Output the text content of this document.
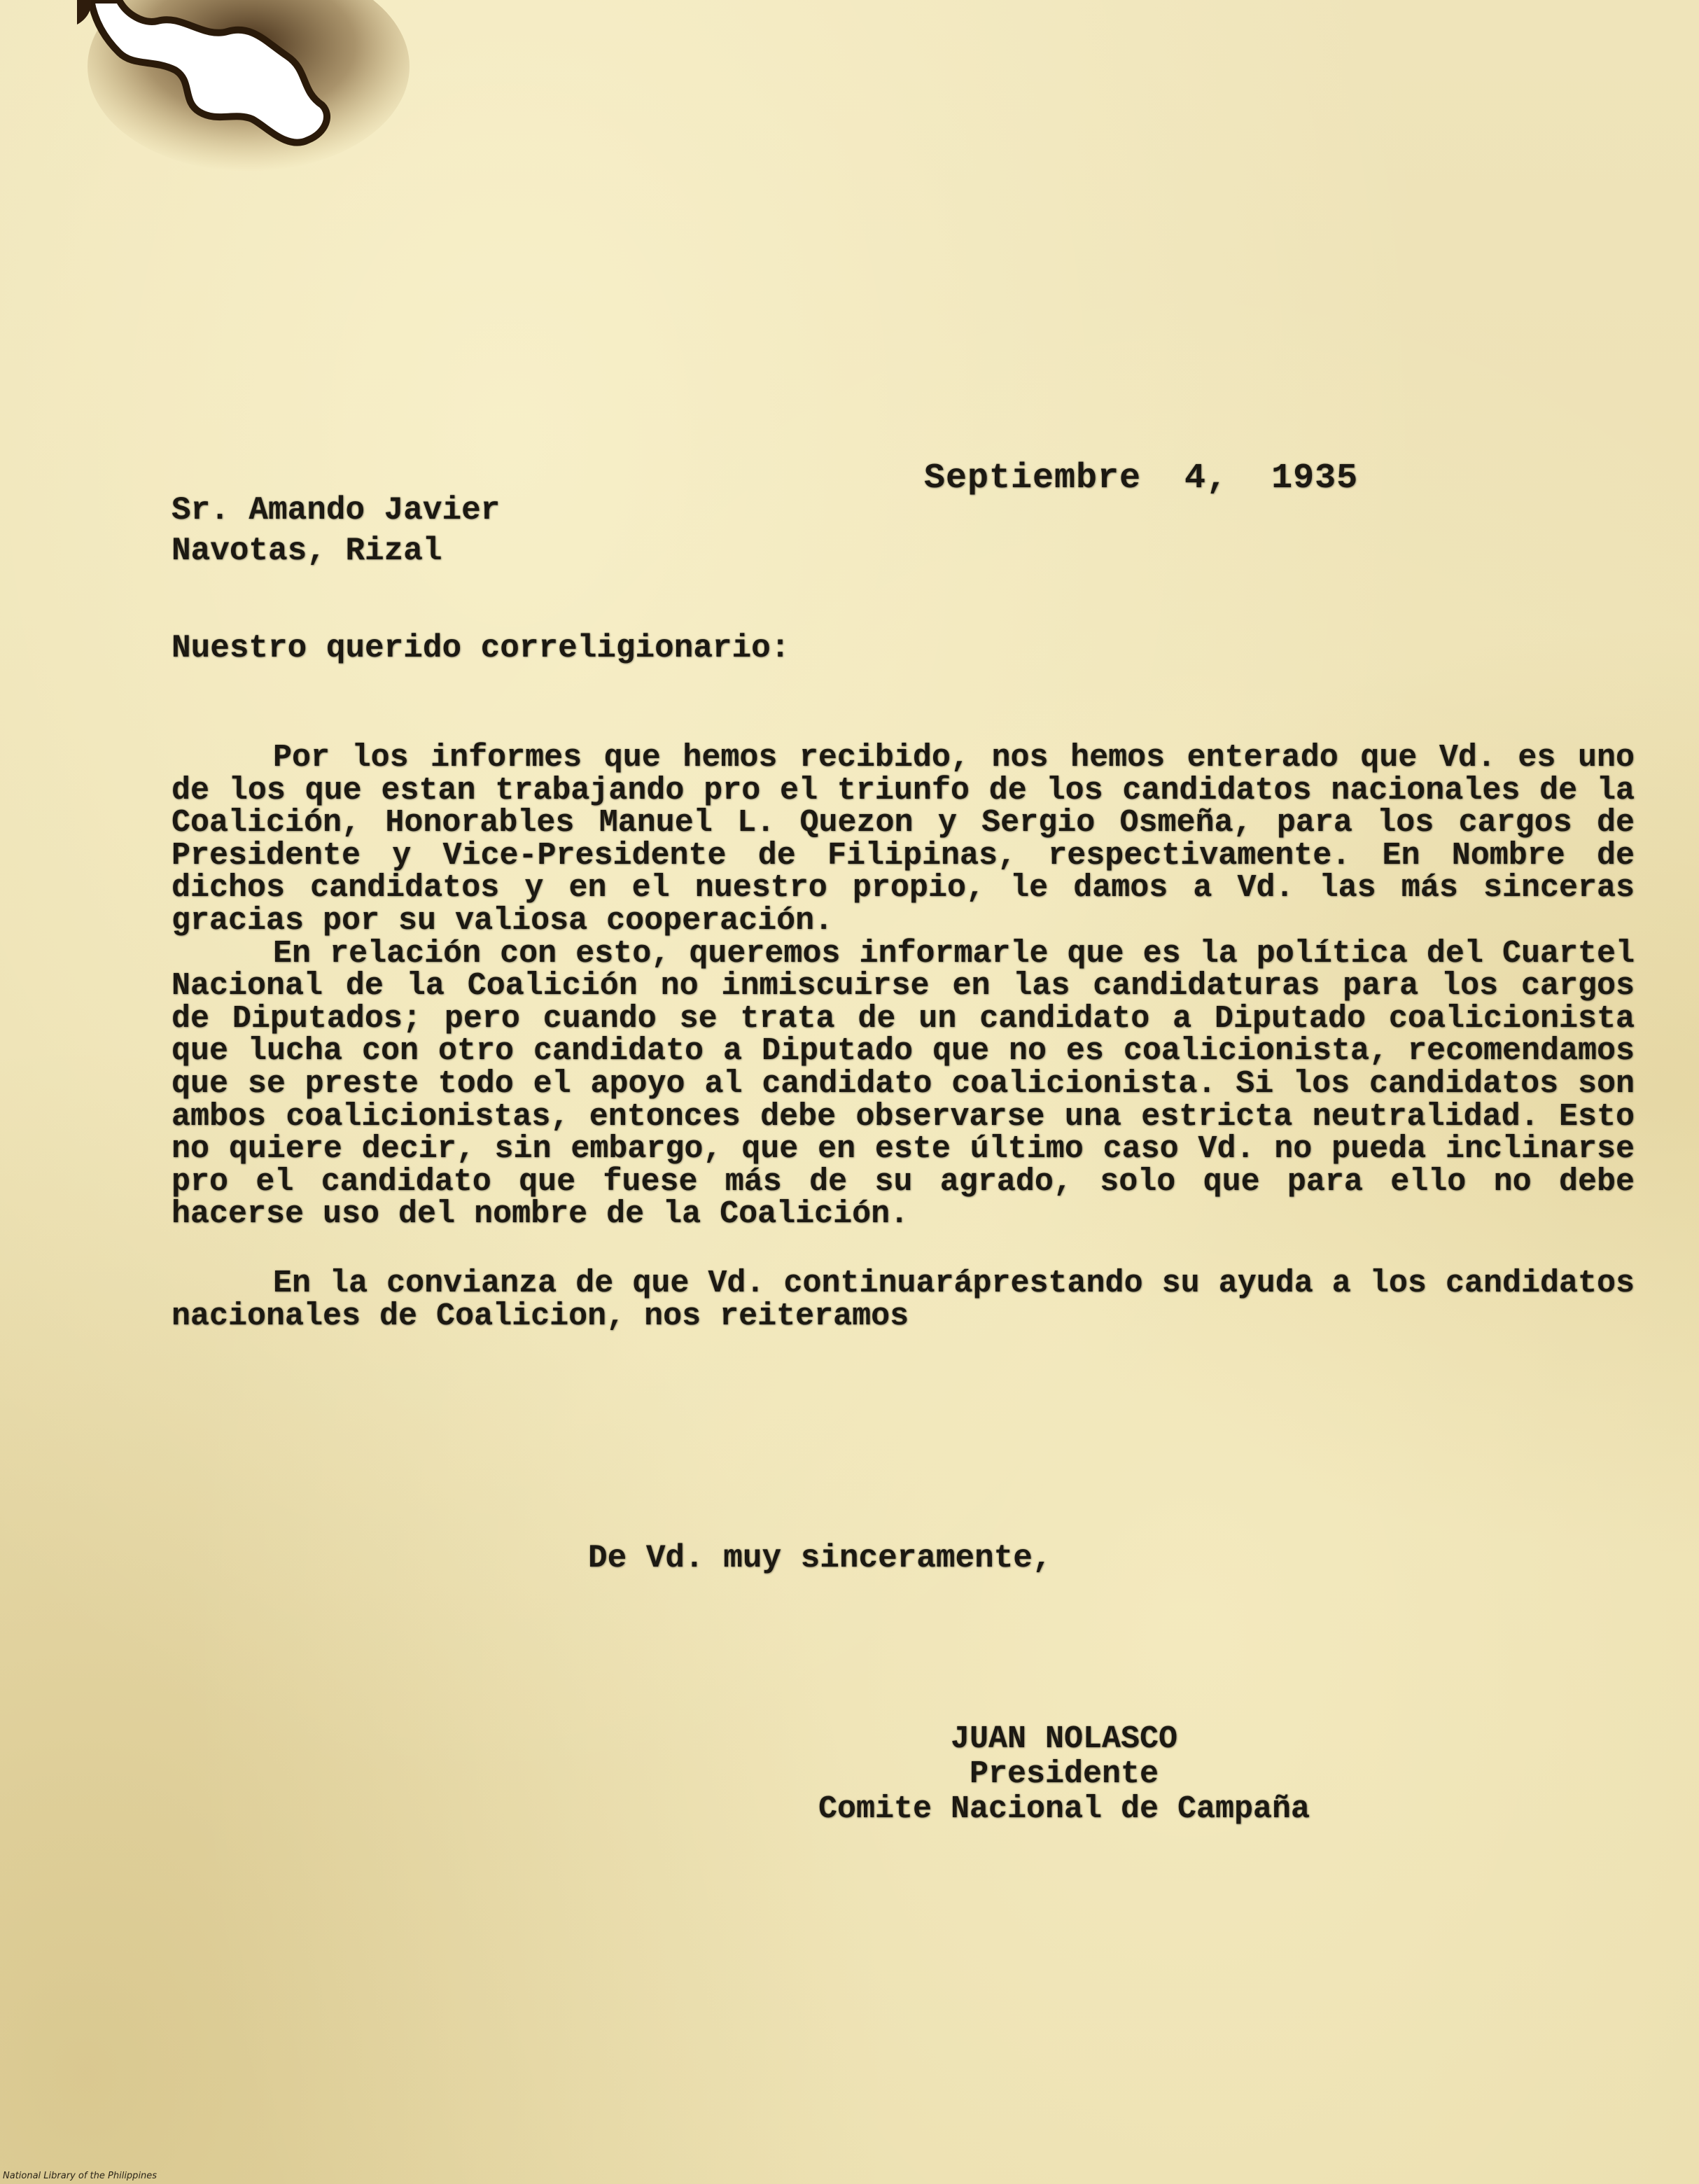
Septiembre  4,  1935
Sr. Amando Javier
Navotas, Rizal
Nuestro querido correligionario:

Por los informes que hemos recibido, nos hemos enterado que Vd. es uno de los que estan trabajando pro el triunfo de los candidatos nacionales de la Coalición, Honorables Manuel L. Quezon y Sergio Osmeña, para los cargos de Presidente y Vice-Presidente de Filipinas, respectivamente. En Nombre de dichos candidatos y en el nuestro propio, le damos a Vd. las más sinceras gracias por su valiosa cooperación.

En relación con esto, queremos informarle que es la política del Cuartel Nacional de la Coalición no inmiscuirse en las candidaturas para los cargos de Diputados; pero cuando se trata de un candidato a Diputado coalicionista que lucha con otro candidato a Diputado que no es coalicionista, recomendamos que se preste todo el apoyo al candidato coalicionista. Si los candidatos son ambos coalicionistas, entonces debe observarse una estricta neutralidad. Esto no quiere decir, sin embargo, que en este último caso Vd. no pueda inclinarse pro el candidato que fuese más de su agrado, solo que para ello no debe hacerse uso del nombre de la Coalición.

En la convianza de que Vd. continuaráprestando su ayuda a los candidatos nacionales de Coalicion, nos reiteramos

De Vd. muy sinceramente,
JUAN NOLASCO
Presidente
Comite Nacional de Campaña
National Library of the Philippines
